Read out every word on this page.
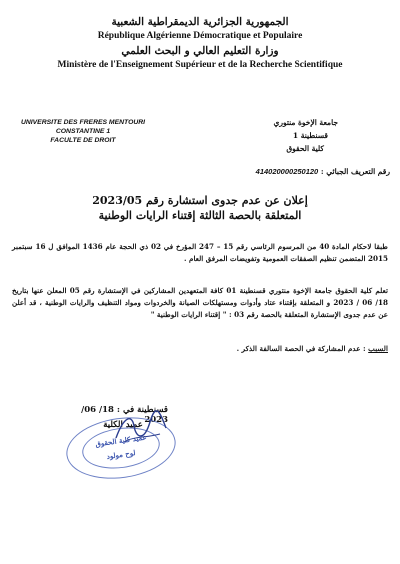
الجمهورية الجزائرية الديمقراطية الشعبية
République Algérienne Démocratique et Populaire
وزارة التعليم العالي و البحث العلمي
Ministère de l'Enseignement Supérieur et de la Recherche Scientifique
UNIVERSITE DES FRERES MENTOURI
CONSTANTINE 1
FACULTE DE DROIT
جامعة الإخوة منتوري
قسنطينة 1
كلية الحقوق
رقم التعريف الجبائي : 414020000250120
إعلان عن عدم جدوى استشارة رقم 2023/05
المتعلقة بالحصة الثالثة إقتناء الرايات الوطنية
طبقا لاحكام المادة 40 من المرسوم الرئاسي رقم 15 – 247 المؤرخ في 02 ذي الحجة عام 1436 الموافق ل 16 سبتمبر 2015 المتضمن تنظيم الصفقات العمومية وتفويضات المرفق العام .
تعلم كلية الحقوق جامعة الإخوة منتوري قسنطينة 01 كافة المتعهدين المشاركين في الإستشارة رقم 05 المعلن عنها بتاريخ 18/ 06 / 2023 و المتعلقة بإقتناء عتاد وأدوات ومستهلكات الصيانة والخردوات ومواد التنظيف والرايات الوطنية ، قد أعلن عن عدم جدوى الإستشارة المتعلقة بالحصة رقم 03 : " إقتناء الرايات الوطنية "
السبب : عدم المشاركة في الحصة السالفة الذكر .
قسنطينة في : 18/ 06/ 2023
عميد الكلية
عميد كلية الحقوق
لوح مولود
